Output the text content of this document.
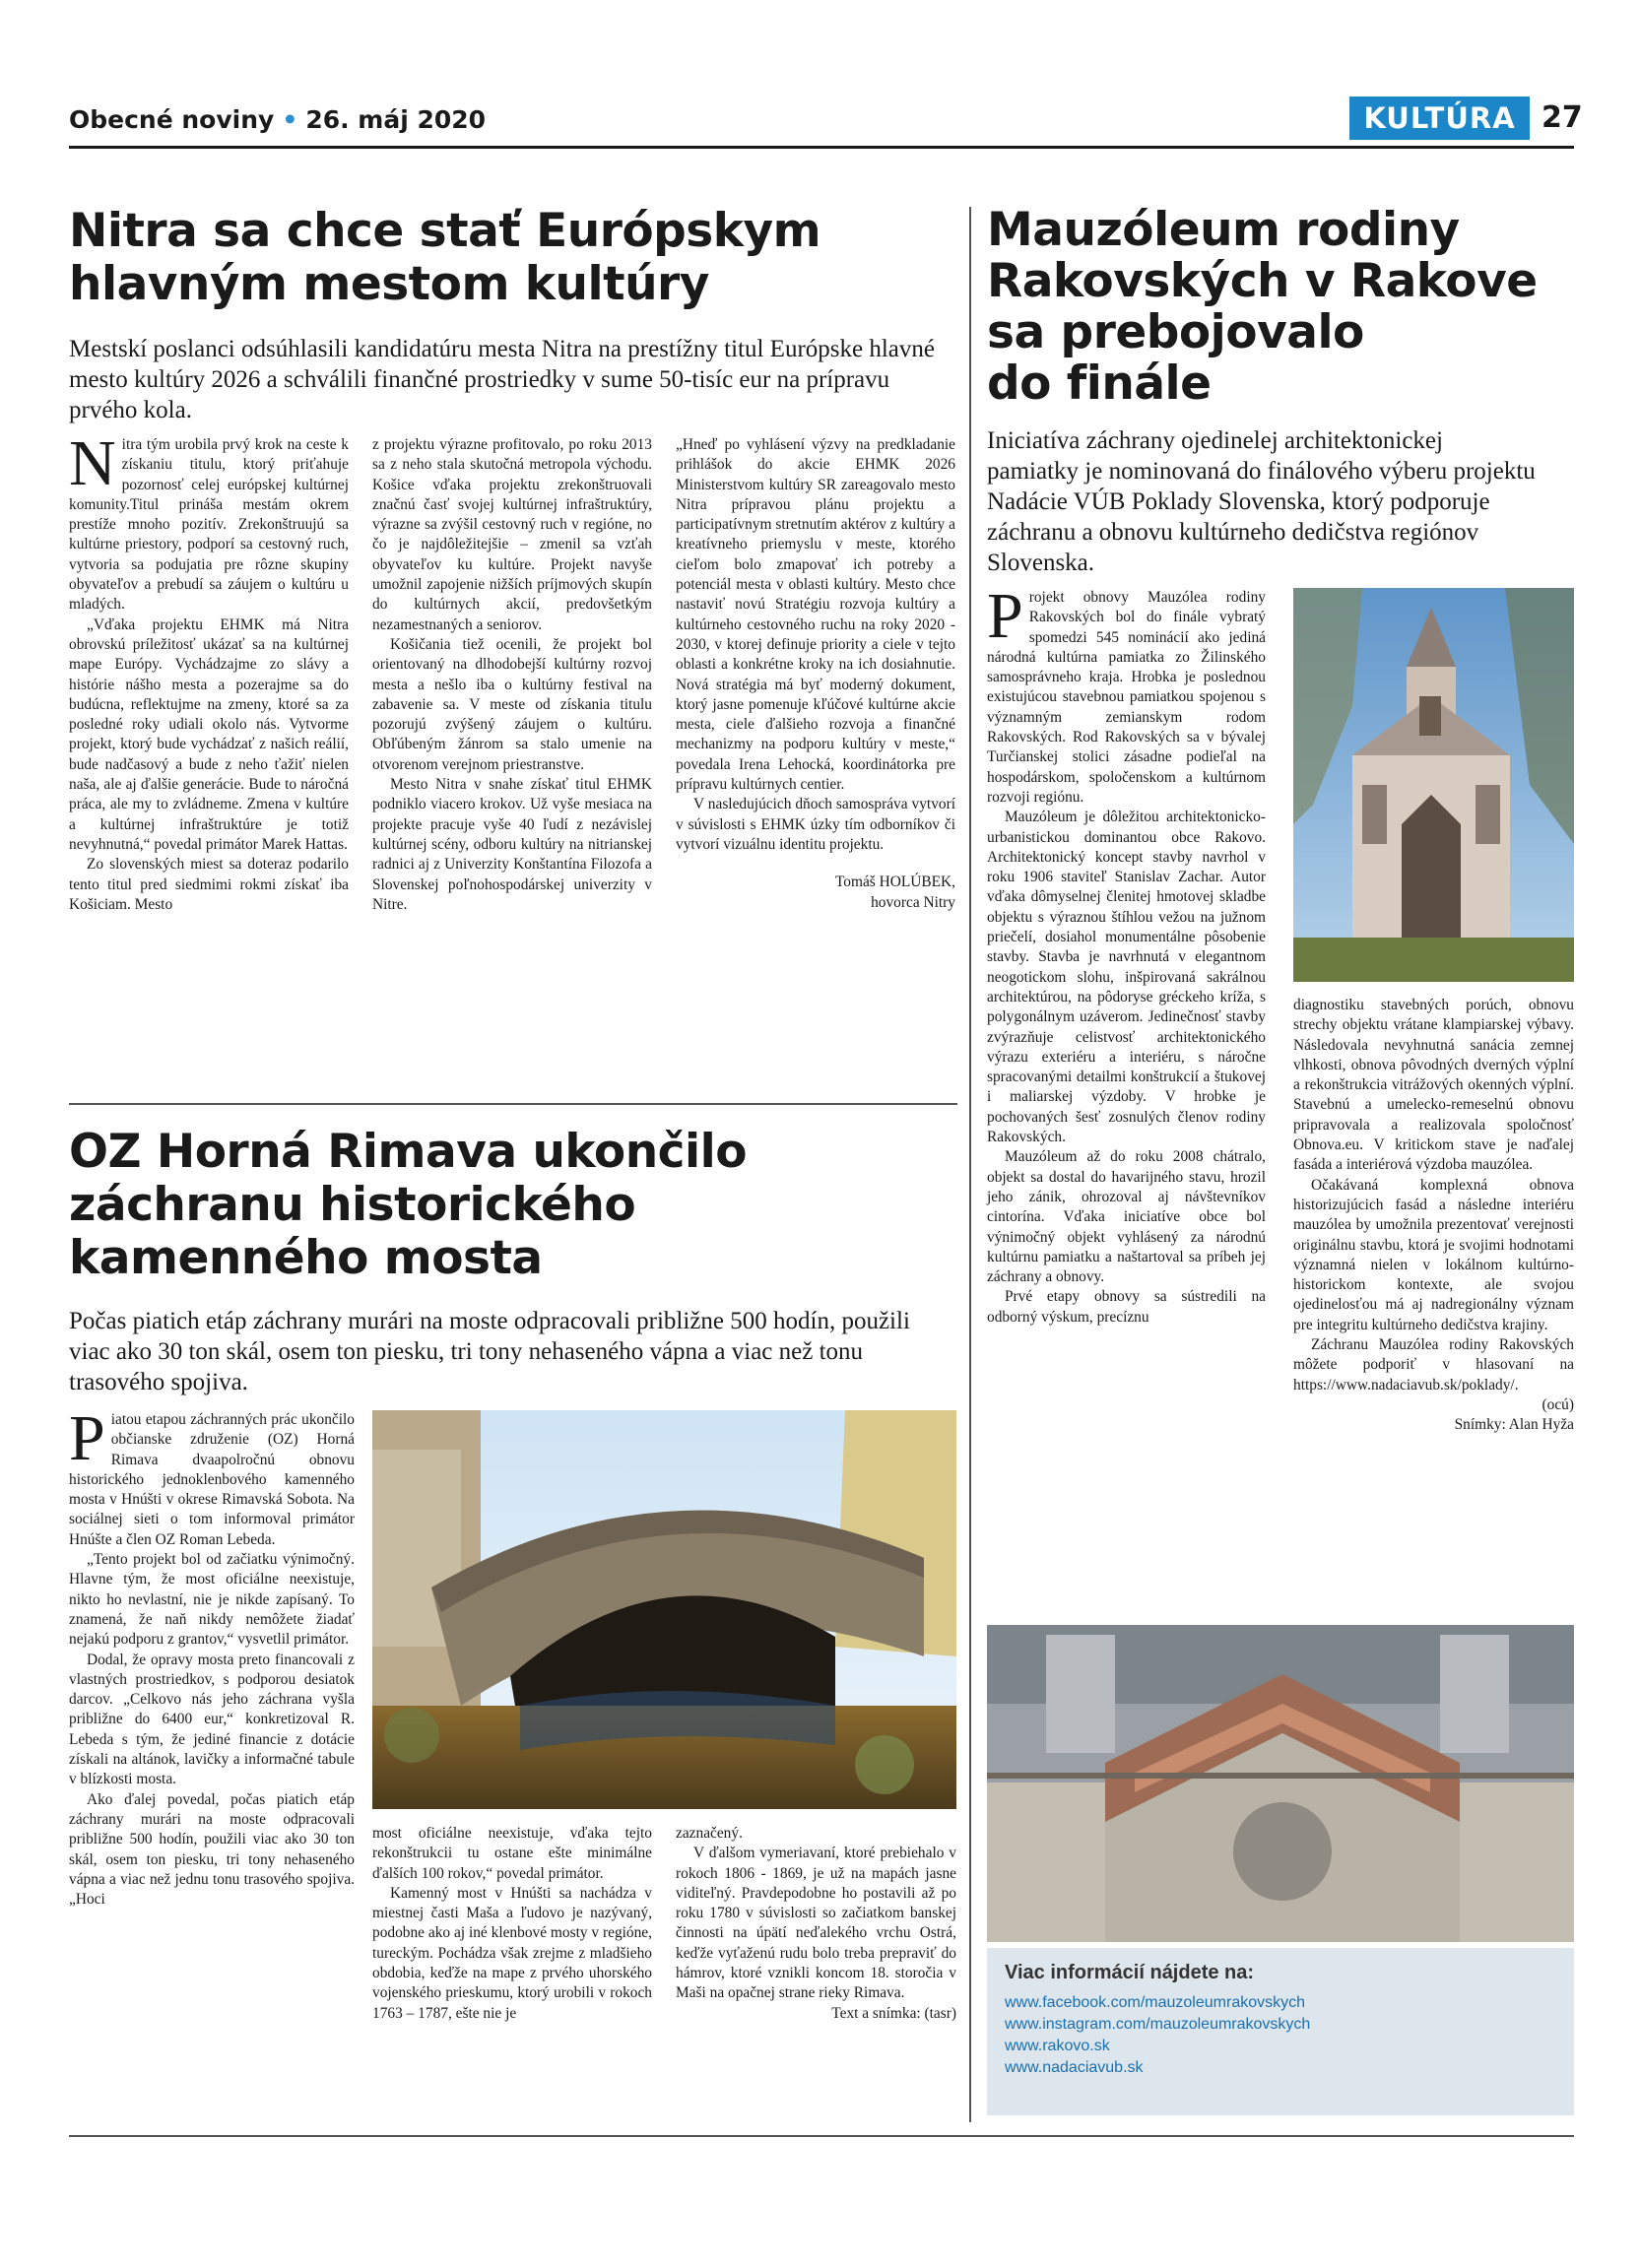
Obecné noviny • 26. máj 2020	KULTÚRA 27
Nitra sa chce stať Európskym
hlavným mestom kultúry
Mestskí poslanci odsúhlasili kandidatúru mesta Nitra na prestížny titul Európske hlavné mesto kultúry 2026 a schválili finančné prostriedky v sume 50-tisíc eur na prípravu prvého kola.

Nitra tým urobila prvý krok na ceste k získaniu titulu, ktorý priťahuje pozornosť celej európskej kultúrnej komunity.Titul prináša mestám okrem prestíže mnoho pozitív. Zrekonštruujú sa kultúrne priestory, podporí sa cestovný ruch, vytvoria sa podujatia pre rôzne skupiny obyvateľov a prebudí sa záujem o kultúru u mladých.

„Vďaka projektu EHMK má Nitra obrovskú príležitosť ukázať sa na kultúrnej mape Európy. Vychádzajme zo slávy a histórie nášho mesta a pozerajme sa do budúcna, reflektujme na zmeny, ktoré sa za posledné roky udiali okolo nás. Vytvorme projekt, ktorý bude vychádzať z našich reálií, bude nadčasový a bude z neho ťažiť nielen naša, ale aj ďalšie generácie. Bude to náročná práca, ale my to zvládneme. Zmena v kultúre a kultúrnej infraštruktúre je totiž nevyhnutná,“ povedal primátor Marek Hattas.

Zo slovenských miest sa doteraz podarilo tento titul pred siedmimi rokmi získať iba Košiciam. Mesto

z projektu výrazne profitovalo, po roku 2013 sa z neho stala skutočná metropola východu. Košice vďaka projektu zrekonštruovali značnú časť svojej kultúrnej infraštruktúry, výrazne sa zvýšil cestovný ruch v regióne, no čo je najdôležitejšie – zmenil sa vzťah obyvateľov ku kultúre. Projekt navyše umožnil zapojenie nižších príjmových skupín do kultúrnych akcií, predovšetkým nezamestnaných a seniorov.

Košičania tiež ocenili, že projekt bol orientovaný na dlhodobejší kultúrny rozvoj mesta a nešlo iba o kultúrny festival na zabavenie sa. V meste od získania titulu pozorujú zvýšený záujem o kultúru. Obľúbeným žánrom sa stalo umenie na otvorenom verejnom priestranstve.

Mesto Nitra v snahe získať titul EHMK podniklo viacero krokov. Už vyše mesiaca na projekte pracuje vyše 40 ľudí z nezávislej kultúrnej scény, odboru kultúry na nitrianskej radnici aj z Univerzity Konštantína Filozofa a Slovenskej poľnohospodárskej univerzity v Nitre.

„Hneď po vyhlásení výzvy na predkladanie prihlášok do akcie EHMK 2026 Ministerstvom kultúry SR zareagovalo mesto Nitra prípravou plánu projektu a participatívnym stretnutím aktérov z kultúry a kreatívneho priemyslu v meste, ktorého cieľom bolo zmapovať ich potreby a potenciál mesta v oblasti kultúry. Mesto chce nastaviť novú Stratégiu rozvoja kultúry a kultúrneho cestovného ruchu na roky 2020 - 2030, v ktorej definuje priority a ciele v tejto oblasti a konkrétne kroky na ich dosiahnutie. Nová stratégia má byť moderný dokument, ktorý jasne pomenuje kľúčové kultúrne akcie mesta, ciele ďalšieho rozvoja a finančné mechanizmy na podporu kultúry v meste,“ povedala Irena Lehocká, koordinátorka pre prípravu kultúrnych centier.

V nasledujúcich dňoch samospráva vytvorí v súvislosti s EHMK úzky tím odborníkov či vytvorí vizuálnu identitu projektu.

Tomáš HOLÚBEK,

hovorca Nitry

OZ Horná Rimava ukončilo
záchranu historického
kamenného mosta
Počas piatich etáp záchrany murári na moste odpracovali približne 500 hodín, použili viac ako 30 ton skál, osem ton piesku, tri tony nehaseného vápna a viac než tonu trasového spojiva.

Piatou etapou záchranných prác ukončilo občianske združenie (OZ) Horná Rimava dvaapolročnú obnovu historického jednoklenbového kamenného mosta v Hnúšti v okrese Rimavská Sobota. Na sociálnej sieti o tom informoval primátor Hnúšte a člen OZ Roman Lebeda.

„Tento projekt bol od začiatku výnimočný. Hlavne tým, že most oficiálne neexistuje, nikto ho nevlastní, nie je nikde zapísaný. To znamená, že naň nikdy nemôžete žiadať nejakú podporu z grantov,“ vysvetlil primátor.

Dodal, že opravy mosta preto financovali z vlastných prostriedkov, s podporou desiatok darcov. „Celkovo nás jeho záchrana vyšla približne do 6400 eur,“ konkretizoval R. Lebeda s tým, že jediné financie z dotácie získali na altánok, lavičky a informačné tabule v blízkosti mosta.

Ako ďalej povedal, počas piatich etáp záchrany murári na moste odpracovali približne 500 hodín, použili viac ako 30 ton skál, osem ton piesku, tri tony nehaseného vápna a viac než jednu tonu trasového spojiva. „Hoci

most oficiálne neexistuje, vďaka tejto rekonštrukcii tu ostane ešte minimálne ďalších 100 rokov,“ povedal primátor.

Kamenný most v Hnúšti sa nachádza v miestnej časti Maša a ľudovo je nazývaný, podobne ako aj iné klenbové mosty v regióne, tureckým. Pochádza však zrejme z mladšieho obdobia, keďže na mape z prvého uhorského vojenského prieskumu, ktorý urobili v rokoch 1763 – 1787, ešte nie je

zaznačený.

V ďalšom vymeriavaní, ktoré prebiehalo v rokoch 1806 - 1869, je už na mapách jasne viditeľný. Pravdepodobne ho postavili až po roku 1780 v súvislosti so začiatkom banskej činnosti na úpätí neďalekého vrchu Ostrá, keďže vyťaženú rudu bolo treba prepraviť do hámrov, ktoré vznikli koncom 18. storočia v Maši na opačnej strane rieky Rimava.

Text a snímka: (tasr)

Mauzóleum rodiny
Rakovských v Rakove
sa prebojovalo
do finále
Iniciatíva záchrany ojedinelej architektonickej pamiatky je nominovaná do finálového výberu projektu Nadácie VÚB Poklady Slovenska, ktorý podporuje záchranu a obnovu kultúrneho dedičstva regiónov Slovenska.

Projekt obnovy Mauzólea rodiny Rakovských bol do finále vybratý spomedzi 545 nominácií ako jediná národná kultúrna pamiatka zo Žilinského samosprávneho kraja. Hrobka je poslednou existujúcou stavebnou pamiatkou spojenou s významným zemianskym rodom Rakovských. Rod Rakovských sa v bývalej Turčianskej stolici zásadne podieľal na hospodárskom, spoločenskom a kultúrnom rozvoji regiónu.

Mauzóleum je dôležitou architektonicko-urbanistickou dominantou obce Rakovo. Architektonický koncept stavby navrhol v roku 1906 staviteľ Stanislav Zachar. Autor vďaka dômyselnej členitej hmotovej skladbe objektu s výraznou štíhlou vežou na južnom priečelí, dosiahol monumentálne pôsobenie stavby. Stavba je navrhnutá v elegantnom neogotickom slohu, inšpirovaná sakrálnou architektúrou, na pôdoryse gréckeho kríža, s polygonálnym uzáverom. Jedinečnosť stavby zvýrazňuje celistvosť architektonického výrazu exteriéru a interiéru, s náročne spracovanými detailmi konštrukcií a štukovej i maliarskej výzdoby. V hrobke je pochovaných šesť zosnulých členov rodiny Rakovských.

Mauzóleum až do roku 2008 chátralo, objekt sa dostal do havarijného stavu, hrozil jeho zánik, ohrozoval aj návštevníkov cintorína. Vďaka iniciatíve obce bol výnimočný objekt vyhlásený za národnú kultúrnu pamiatku a naštartoval sa príbeh jej záchrany a obnovy.

Prvé etapy obnovy sa sústredili na odborný výskum, precíznu

diagnostiku stavebných porúch, obnovu strechy objektu vrátane klampiarskej výbavy. Následovala nevyhnutná sanácia zemnej vlhkosti, obnova pôvodných dverných výplní a rekonštrukcia vitrážových okenných výplní. Stavebnú a umelecko-remeselnú obnovu pripravovala a realizovala spoločnosť Obnova.eu. V kritickom stave je naďalej fasáda a interiérová výzdoba mauzólea.

Očakávaná komplexná obnova historizujúcich fasád a následne interiéru mauzólea by umožnila prezentovať verejnosti originálnu stavbu, ktorá je svojimi hodnotami významná nielen v lokálnom kultúrno-historickom kontexte, ale svojou ojedinelosťou má aj nadregionálny význam pre integritu kultúrneho dedičstva krajiny.

Záchranu Mauzólea rodiny Rakovských môžete podporiť v hlasovaní na https://www.nadaciavub.sk/poklady/.

(ocú)

Snímky: Alan Hyža

Viac informácií nájdete na:
www.facebook.com/mauzoleumrakovskych
www.instagram.com/mauzoleumrakovskych
www.rakovo.sk
www.nadaciavub.sk
